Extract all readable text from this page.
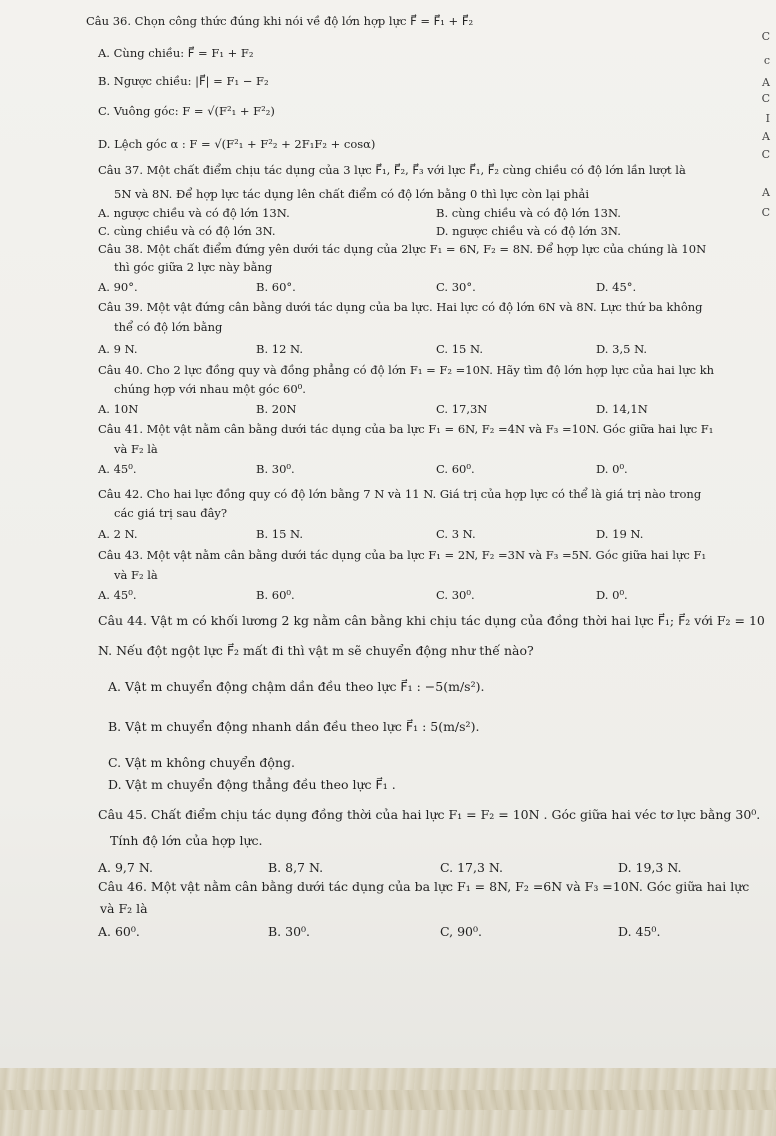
Câu 36. Chọn công thức đúng khi nói về độ lớn hợp lực F⃗ = F⃗₁ + F⃗₂
A. Cùng chiều: F⃗ = F₁ + F₂
B. Ngược chiều: |F⃗| = F₁ − F₂
C. Vuông góc: F = √(F²₁ + F²₂)
D. Lệch góc α : F = √(F²₁ + F²₂ + 2F₁F₂ + cosα)
Câu 37. Một chất điểm chịu tác dụng của 3 lực F⃗₁, F⃗₂, F⃗₃ với lực F⃗₁, F⃗₂ cùng chiều có độ lớn lần lượt là
5N và 8N. Để hợp lực tác dụng lên chất điểm có độ lớn bằng 0 thì lực còn lại phải
A. ngược chiều và có độ lớn 13N.	B. cùng chiều và có độ lớn 13N.
C. cùng chiều và có độ lớn 3N.	D. ngược chiều và có độ lớn 3N.
Câu 38. Một chất điểm đứng yên dưới tác dụng của 2lực F₁ = 6N, F₂ = 8N. Để hợp lực của chúng là 10N
thì góc giữa 2 lực này bằng
A. 90°.	B. 60°.	C. 30°.	D. 45°.
Câu 39. Một vật đứng cân bằng dưới tác dụng của ba lực. Hai lực có độ lớn 6N và 8N. Lực thứ ba không
thể có độ lớn bằng
A. 9 N.	B. 12 N.	C. 15 N.	D. 3,5 N.
Câu 40. Cho 2 lực đồng quy và đồng phẳng có độ lớn F₁ = F₂ =10N. Hãy tìm độ lớn hợp lực của hai lực kh
chúng hợp với nhau một góc 60⁰.
A. 10N	B. 20N	C. 17,3N	D. 14,1N
Câu 41. Một vật nằm cân bằng dưới tác dụng của ba lực F₁ = 6N, F₂ =4N và F₃ =10N. Góc giữa hai lực F₁
và F₂ là
A. 45⁰.	B. 30⁰.	C. 60⁰.	D. 0⁰.
Câu 42. Cho hai lực đồng quy có độ lớn bằng 7 N và 11 N. Giá trị của hợp lực có thể là giá trị nào trong
các giá trị sau đây?
A. 2 N.	B. 15 N.	C. 3 N.	D. 19 N.
Câu 43. Một vật nằm cân bằng dưới tác dụng của ba lực F₁ = 2N, F₂ =3N và F₃ =5N. Góc giữa hai lực F₁
và F₂ là
A. 45⁰.	B. 60⁰.	C. 30⁰.	D. 0⁰.
Câu 44. Vật m có khối lương 2 kg nằm cân bằng khi chịu tác dụng của đồng thời hai lực F⃗₁; F⃗₂ với F₂ = 10
N. Nếu đột ngột lực F⃗₂ mất đi thì vật m sẽ chuyển động như thế nào?
A. Vật m chuyển động chậm dần đều theo lực F⃗₁ : −5(m/s²).
B. Vật m chuyển động nhanh dần đều theo lực F⃗₁ : 5(m/s²).
C. Vật m không chuyển động.
D. Vật m chuyển động thẳng đều theo lực F⃗₁ .
Câu 45. Chất điểm chịu tác dụng đồng thời của hai lực F₁ = F₂ = 10N . Góc giữa hai véc tơ lực bằng 30⁰.
Tính độ lớn của hợp lực.
A. 9,7 N.	B. 8,7 N.	C. 17,3 N.	D. 19,3 N.
Câu 46. Một vật nằm cân bằng dưới tác dụng của ba lực F₁ = 8N, F₂ =6N và F₃ =10N. Góc giữa hai lực
và F₂ là
A. 60⁰.	B. 30⁰.	C, 90⁰.	D. 45⁰.
C
c
A
C
I
A
C
A
C
